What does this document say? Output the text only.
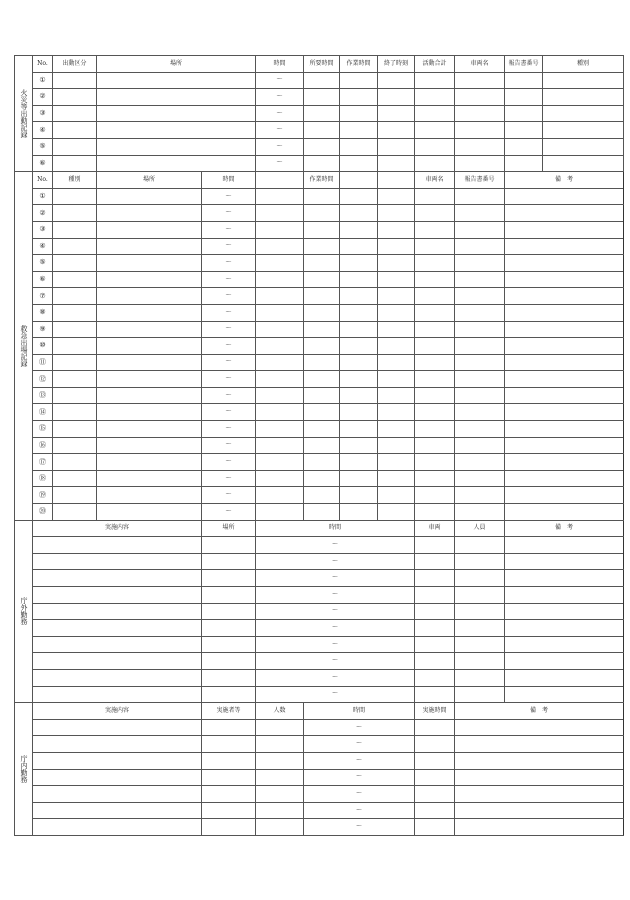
火災等出動記録	No.	出動区分	場所		時間	所要時間	作業時間	終了時刻	活動合計	車両名	報告書番号	種別	
	①				～								
	②				～								
	③				～								
	④				～								
	⑤				～								
	⑥				～								
救急出場記録	No.	種別	場所	時間		作業時間			車両名	報告書番号	備　考		
	①			～									
	②			～									
	③			～									
	④			～									
	⑤			～									
	⑥			～									
	⑦			～									
	⑧			～									
	⑨			～									
	⑩			～									
	⑪			～									
	⑫			～									
	⑬			～									
	⑭			～									
	⑮			～									
	⑯			～									
	⑰			～									
	⑱			～									
	⑲			～									
	⑳			～									
庁外勤務	実施内容			場所	時間				車両	人員	備　考		
					～								
					～								
					～								
					～								
					～								
					～								
					～								
					～								
					～								
					～								
庁内勤務	実施内容			実施者等	人数	時間			実施時間	備　考			
						～							
						～							
						～							
						～							
						～							
						～							
						～							
